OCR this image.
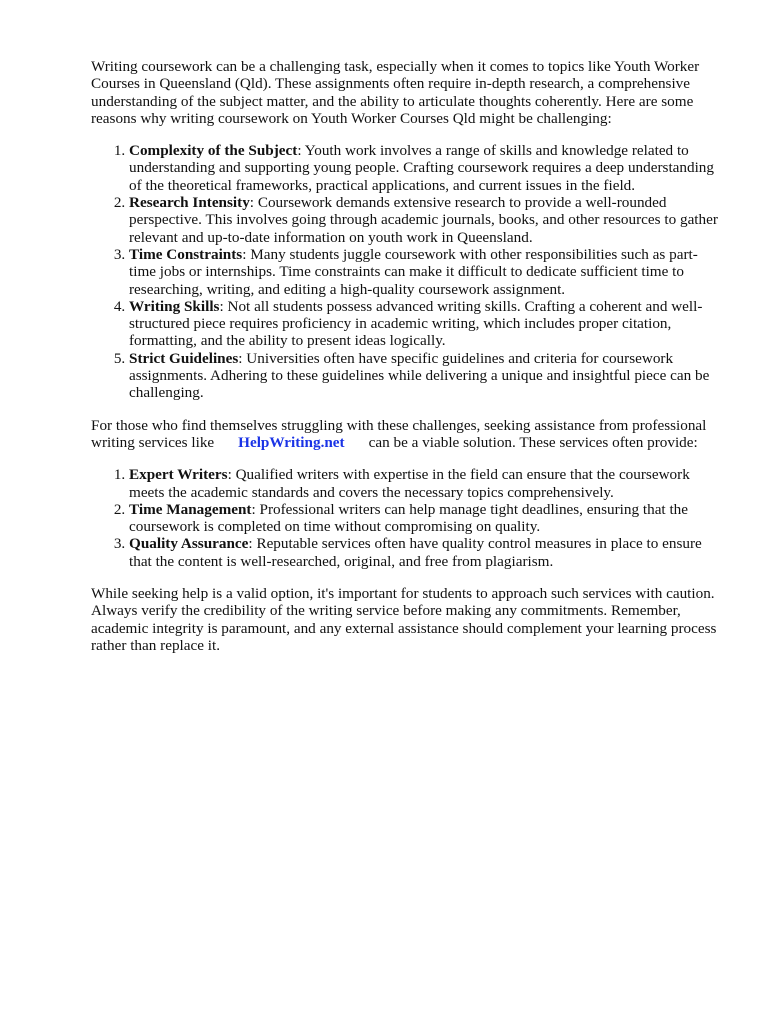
Writing coursework can be a challenging task, especially when it comes to topics like Youth Worker Courses in Queensland (Qld). These assignments often require in-depth research, a comprehensive understanding of the subject matter, and the ability to articulate thoughts coherently. Here are some reasons why writing coursework on Youth Worker Courses Qld might be challenging:

1. Complexity of the Subject: Youth work involves a range of skills and knowledge related to understanding and supporting young people. Crafting coursework requires a deep understanding of the theoretical frameworks, practical applications, and current issues in the field.
2. Research Intensity: Coursework demands extensive research to provide a well-rounded perspective. This involves going through academic journals, books, and other resources to gather relevant and up-to-date information on youth work in Queensland.
3. Time Constraints: Many students juggle coursework with other responsibilities such as part-time jobs or internships. Time constraints can make it difficult to dedicate sufficient time to researching, writing, and editing a high-quality coursework assignment.
4. Writing Skills: Not all students possess advanced writing skills. Crafting a coherent and well-structured piece requires proficiency in academic writing, which includes proper citation, formatting, and the ability to present ideas logically.
5. Strict Guidelines: Universities often have specific guidelines and criteria for coursework assignments. Adhering to these guidelines while delivering a unique and insightful piece can be challenging.

For those who find themselves struggling with these challenges, seeking assistance from professional writing services like HelpWriting.net can be a viable solution. These services often provide:

1. Expert Writers: Qualified writers with expertise in the field can ensure that the coursework meets the academic standards and covers the necessary topics comprehensively.
2. Time Management: Professional writers can help manage tight deadlines, ensuring that the coursework is completed on time without compromising on quality.
3. Quality Assurance: Reputable services often have quality control measures in place to ensure that the content is well-researched, original, and free from plagiarism.

While seeking help is a valid option, it's important for students to approach such services with caution. Always verify the credibility of the writing service before making any commitments. Remember, academic integrity is paramount, and any external assistance should complement your learning process rather than replace it.
